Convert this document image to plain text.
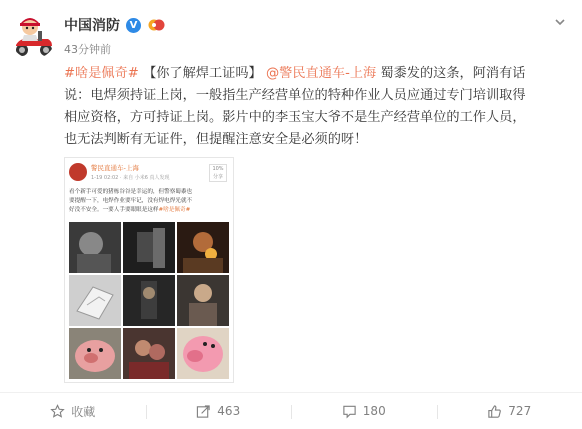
中国消防 V
43分钟前
#啥是佩奇# 【你了解焊工证吗】 @警民直通车-上海 蜀黍发的这条，阿消有话
说：电焊须持证上岗，一般指生产经营单位的特种作业人员应通过专门培训取得
相应资格，方可持证上岗。影片中的李玉宝大爷不是生产经营单位的工作人员，
也无法判断有无证件，但提醒注意安全是必须的呀！
警民直通车-上海
1-19 02:02 · 来自 小米6 真人发现
10% 分享
看个新手可爱的猪栋谷谷是幸运的，但警察蜀黍也
要提醒一下，电焊作业要牢记，没有焊电焊光就不
好没不安全。一要人手要眼眼是这样#啥是佩奇#
收藏	463	180	727
